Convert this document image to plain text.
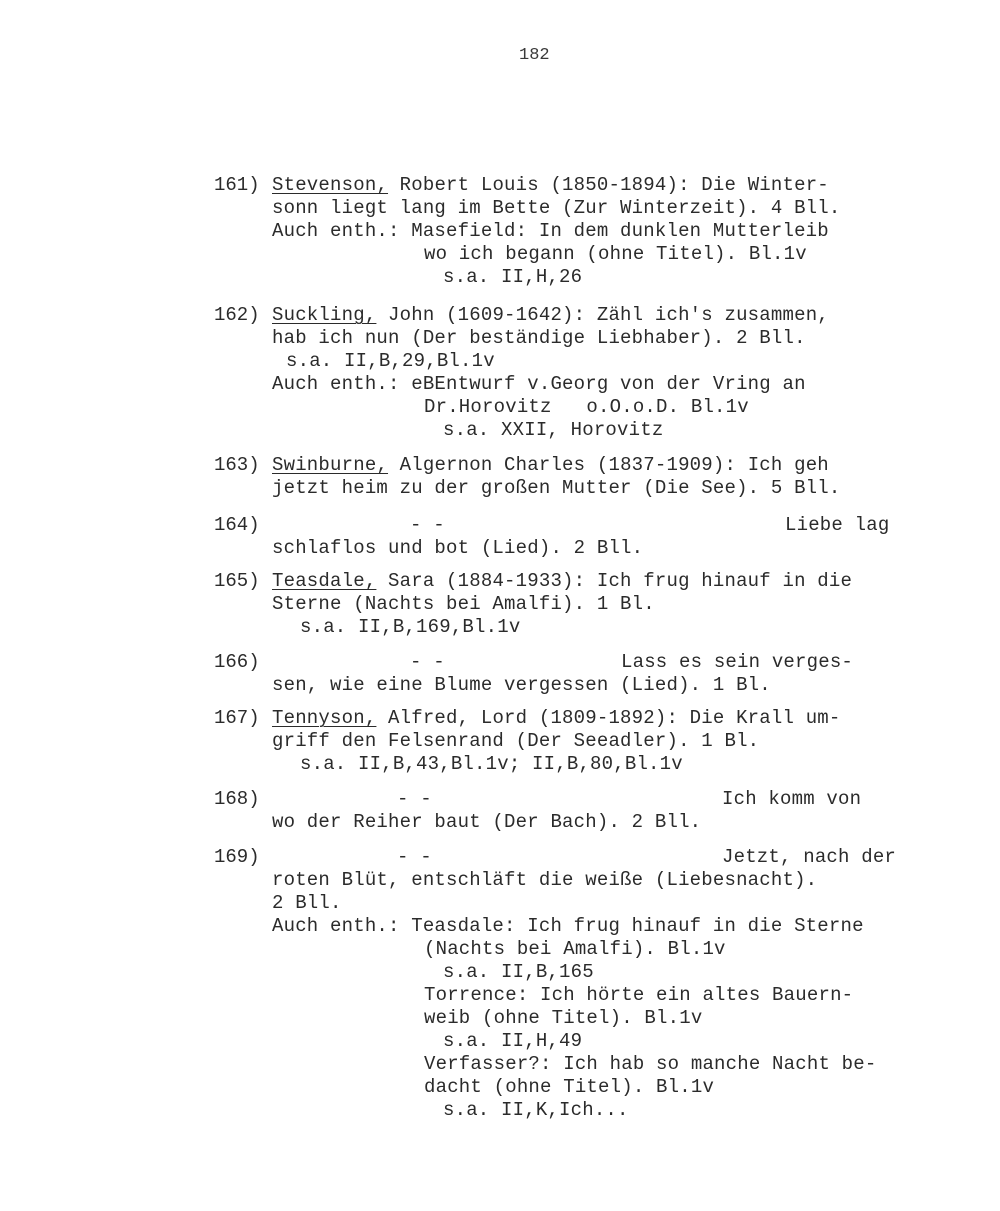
182
161) Stevenson, Robert Louis (1850-1894): Die Winter-
sonn liegt lang im Bette (Zur Winterzeit). 4 Bll.
Auch enth.: Masefield: In dem dunklen Mutterleib
wo ich begann (ohne Titel). Bl.1v
s.a. II,H,26
162) Suckling, John (1609-1642): Zähl ich's zusammen,
hab ich nun (Der beständige Liebhaber). 2 Bll.
s.a. II,B,29,Bl.1v
Auch enth.: eBEntwurf v.Georg von der Vring an
Dr.Horovitz   o.O.o.D. Bl.1v
s.a. XXII, Horovitz
163) Swinburne, Algernon Charles (1837-1909): Ich geh
jetzt heim zu der großen Mutter (Die See). 5 Bll.
164)	- -	Liebe lag
schlaflos und bot (Lied). 2 Bll.
165) Teasdale, Sara (1884-1933): Ich frug hinauf in die
Sterne (Nachts bei Amalfi). 1 Bl.
s.a. II,B,169,Bl.1v
166)	- -	Lass es sein verges-
sen, wie eine Blume vergessen (Lied). 1 Bl.
167) Tennyson, Alfred, Lord (1809-1892): Die Krall um-
griff den Felsenrand (Der Seeadler). 1 Bl.
s.a. II,B,43,Bl.1v; II,B,80,Bl.1v
168)	- -	Ich komm von
wo der Reiher baut (Der Bach). 2 Bll.
169)	- -	Jetzt, nach der
roten Blüt, entschläft die weiße (Liebesnacht).
2 Bll.
Auch enth.: Teasdale: Ich frug hinauf in die Sterne
(Nachts bei Amalfi). Bl.1v
s.a. II,B,165
Torrence: Ich hörte ein altes Bauern-
weib (ohne Titel). Bl.1v
s.a. II,H,49
Verfasser?: Ich hab so manche Nacht be-
dacht (ohne Titel). Bl.1v
s.a. II,K,Ich...
